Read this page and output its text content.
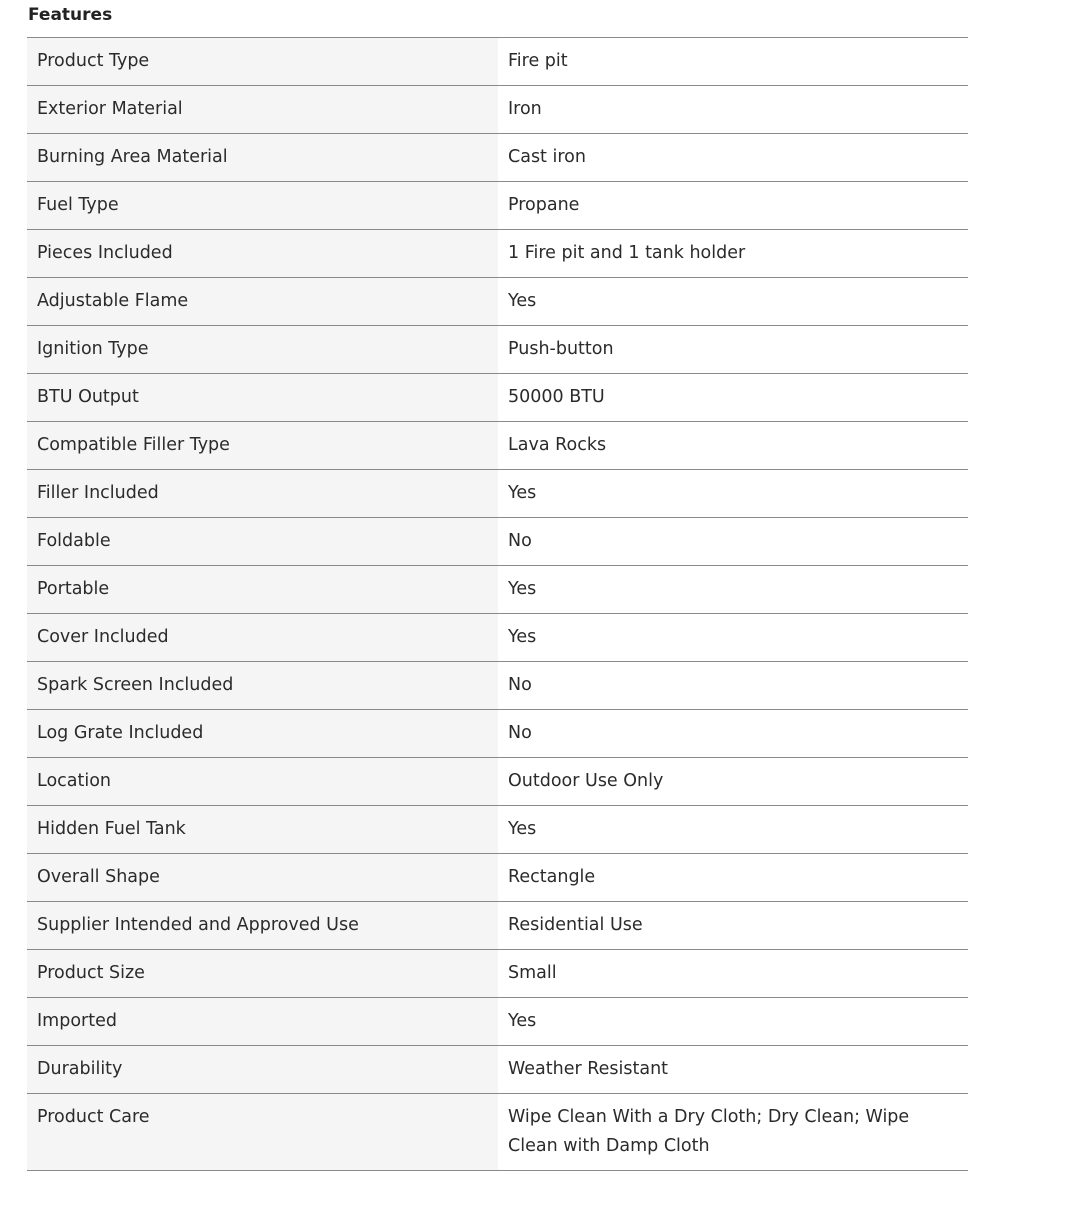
Features
Product Type	Fire pit
Exterior Material	Iron
Burning Area Material	Cast iron
Fuel Type	Propane
Pieces Included	1 Fire pit and 1 tank holder
Adjustable Flame	Yes
Ignition Type	Push-button
BTU Output	50000 BTU
Compatible Filler Type	Lava Rocks
Filler Included	Yes
Foldable	No
Portable	Yes
Cover Included	Yes
Spark Screen Included	No
Log Grate Included	No
Location	Outdoor Use Only
Hidden Fuel Tank	Yes
Overall Shape	Rectangle
Supplier Intended and Approved Use	Residential Use
Product Size	Small
Imported	Yes
Durability	Weather Resistant
Product Care	Wipe Clean With a Dry Cloth; Dry Clean; Wipe Clean with Damp Cloth
